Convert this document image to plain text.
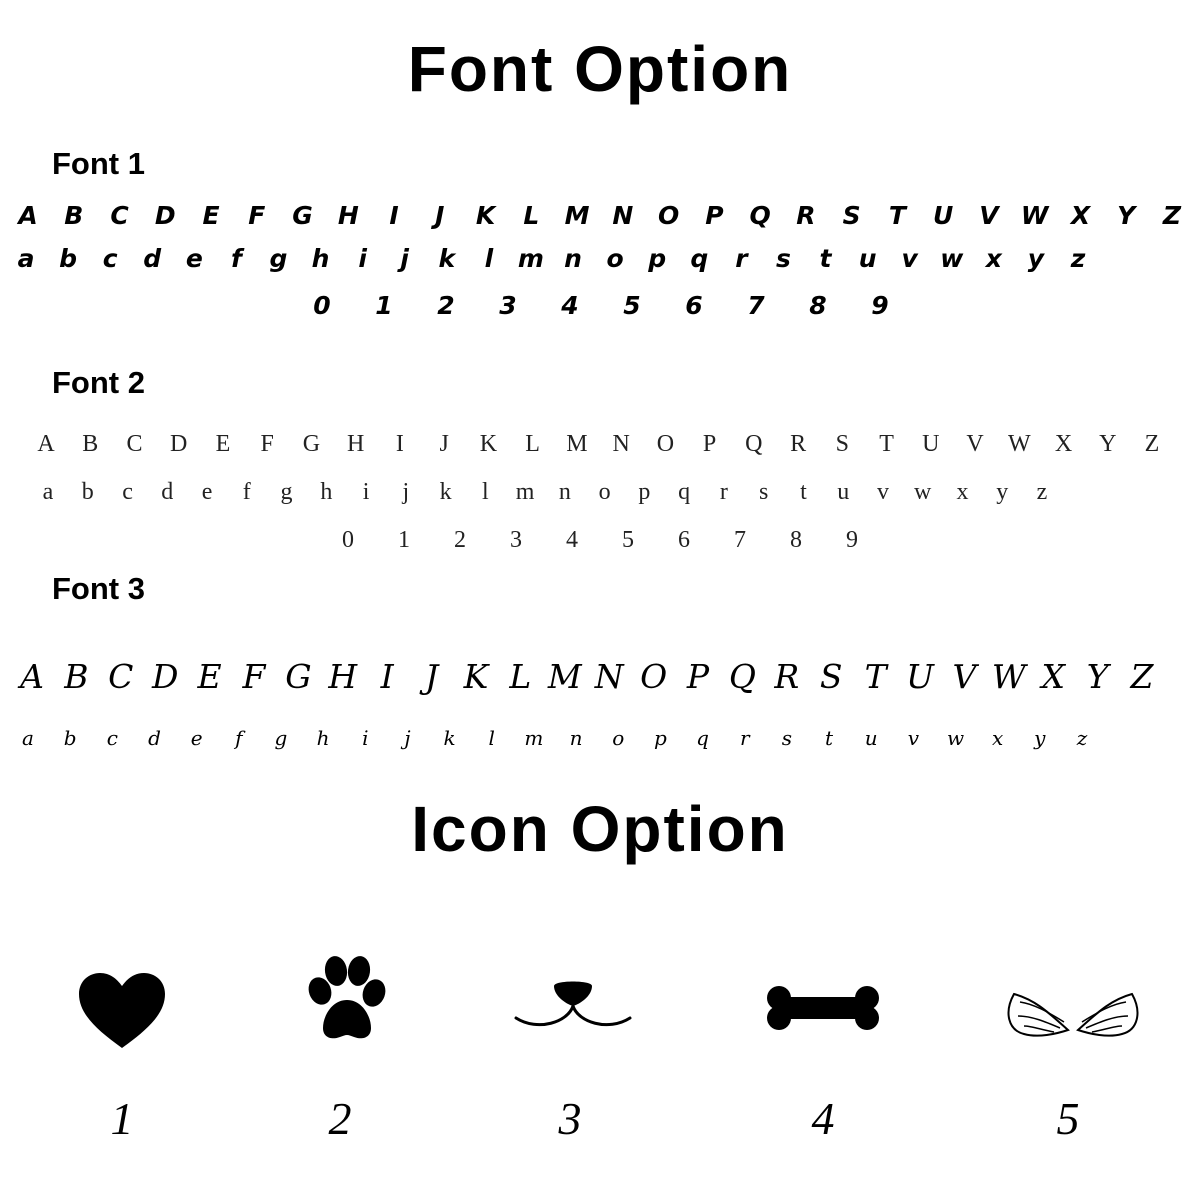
Font Option
Font 1
A B C D E F G H I J K L M N O P Q R S T U V W X Y Z
a b c d e f g h i j k l m n o p q r s t u v w x y z
0 1 2 3 4 5 6 7 8 9
Font 2
A B C D E F G H I J K L M N O P Q R S T U V W X Y Z
a b c d e f g h i j k l m n o p q r s t u v w x y z
0 1 2 3 4 5 6 7 8 9
Font 3
A B C D E F G H I J K L M N O P Q R S T U V W X Y Z
a b c d e f g h i j k l m n o p q r s t u v w x y z
Icon Option
1	2	3	4	5
